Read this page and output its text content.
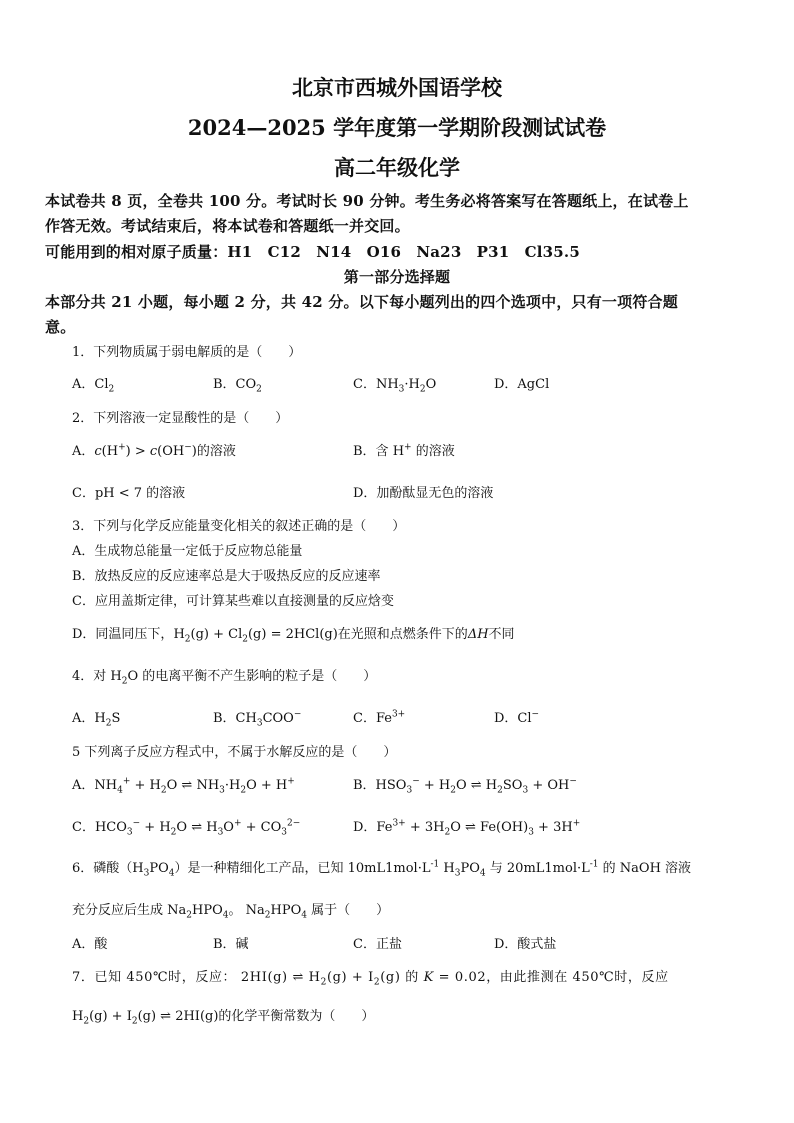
北京市西城外国语学校
2024—2025 学年度第一学期阶段测试试卷
高二年级化学
本试卷共 8 页，全卷共 100 分。考试时长 90 分钟。考生务必将答案写在答题纸上，在试卷上
作答无效。考试结束后，将本试卷和答题纸一并交回。
可能用到的相对原子质量：H1　C12　N14　O16　Na23　P31　Cl35.5
第一部分选择题
本部分共 21 小题，每小题 2 分，共 42 分。以下每小题列出的四个选项中，只有一项符合题
意。
1．下列物质属于弱电解质的是（　　）
A．$Cl_2$	B．$CO_2$	C．$NH_3\cdot H_2O$	D．AgCl
2．下列溶液一定显酸性的是（　　）
A．c(H+) > c(OH−)的溶液	B．含 H+ 的溶液
C．pH < 7 的溶液	D．加酚酞显无色的溶液
3．下列与化学反应能量变化相关的叙述正确的是（　　）
A．生成物总能量一定低于反应物总能量
B．放热反应的反应速率总是大于吸热反应的反应速率
C．应用盖斯定律，可计算某些难以直接测量的反应焓变
D．同温同压下，$H_2(g) + Cl_2(g) = 2HCl(g)$在光照和点燃条件下的ΔH不同
4．对 $H_2O$ 的电离平衡不产生影响的粒子是（　　）
A．$H_2S$	B．$CH_3COO^-$	C．$Fe^{3+}$	D．Cl−
5 下列离子反应方程式中，不属于水解反应的是（　　）
A．$NH_4^+ + H_2O$ ⇌ $NH_3\cdot H_2O + H^+$	B．$HSO_3^- + H_2O$ ⇌ $H_2SO_3 + OH^-$
C．$HCO_3^- + H_2O$ ⇌ $H_3O^+ + CO_3^{2-}$	D．$Fe^{3+} + 3H_2O$ ⇌ $Fe(OH)_3 + 3H^+$
6．磷酸$(H_3PO_4)$是一种精细化工产品，已知 $10mL1mol\cdot L^{-1}$ $H_3PO_4$ 与 $20mL1mol\cdot L^{-1}$ 的 NaOH 溶液
充分反应后生成 $Na_2HPO_4$。 $Na_2HPO_4$ 属于（　　）
A．酸	B．碱	C．正盐	D．酸式盐
7．已知 450℃时，反应： 2HI(g) ⇌ $H_2(g) + I_2(g)$ 的 K = 0.02，由此推测在 450℃时，反应
$H_2(g) + I_2(g)$ ⇌ 2HI(g)的化学平衡常数为（　　）
